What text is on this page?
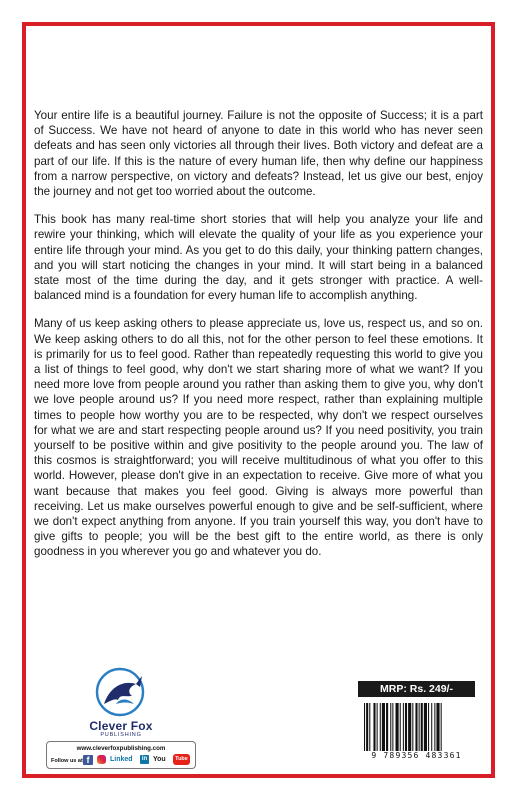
Your entire life is a beautiful journey. Failure is not the opposite of Success; it is a part of Success. We have not heard of anyone to date in this world who has never seen defeats and has seen only victories all through their lives. Both victory and defeat are a part of our life. If this is the nature of every human life, then why define our happiness from a narrow perspective, on victory and defeats? Instead, let us give our best, enjoy the journey and not get too worried about the outcome.

This book has many real-time short stories that will help you analyze your life and rewire your thinking, which will elevate the quality of your life as you experience your entire life through your mind. As you get to do this daily, your thinking pattern changes, and you will start noticing the changes in your mind. It will start being in a balanced state most of the time during the day, and it gets stronger with practice. A well- balanced mind is a foundation for every human life to accomplish anything.

Many of us keep asking others to please appreciate us, love us, respect us, and so on. We keep asking others to do all this, not for the other person to feel these emotions. It is primarily for us to feel good. Rather than repeatedly requesting this world to give you a list of things to feel good, why don't we start sharing more of what we want? If you need more love from people around you rather than asking them to give you, why don't we love people around us? If you need more respect, rather than explaining multiple times to people how worthy you are to be respected, why don't we respect ourselves for what we are and start respecting people around us? If you need positivity, you train yourself to be positive within and give positivity to the people around you. The law of this cosmos is straightforward; you will receive multitudinous of what you offer to this world. However, please don't give in an expectation to receive. Give more of what you want because that makes you feel good. Giving is always more powerful than receiving. Let us make ourselves powerful enough to give and be self-sufficient, where we don't expect anything from anyone. If you train yourself this way, you don't have to give gifts to people; you will be the best gift to the entire world, as there is only goodness in you wherever you go and whatever you do.

Clever Fox
PUBLISHING
www.cleverfoxpublishing.com
Follow us at f	Linked	in You	Tube
MRP: Rs. 249/-
9 789356 483361
